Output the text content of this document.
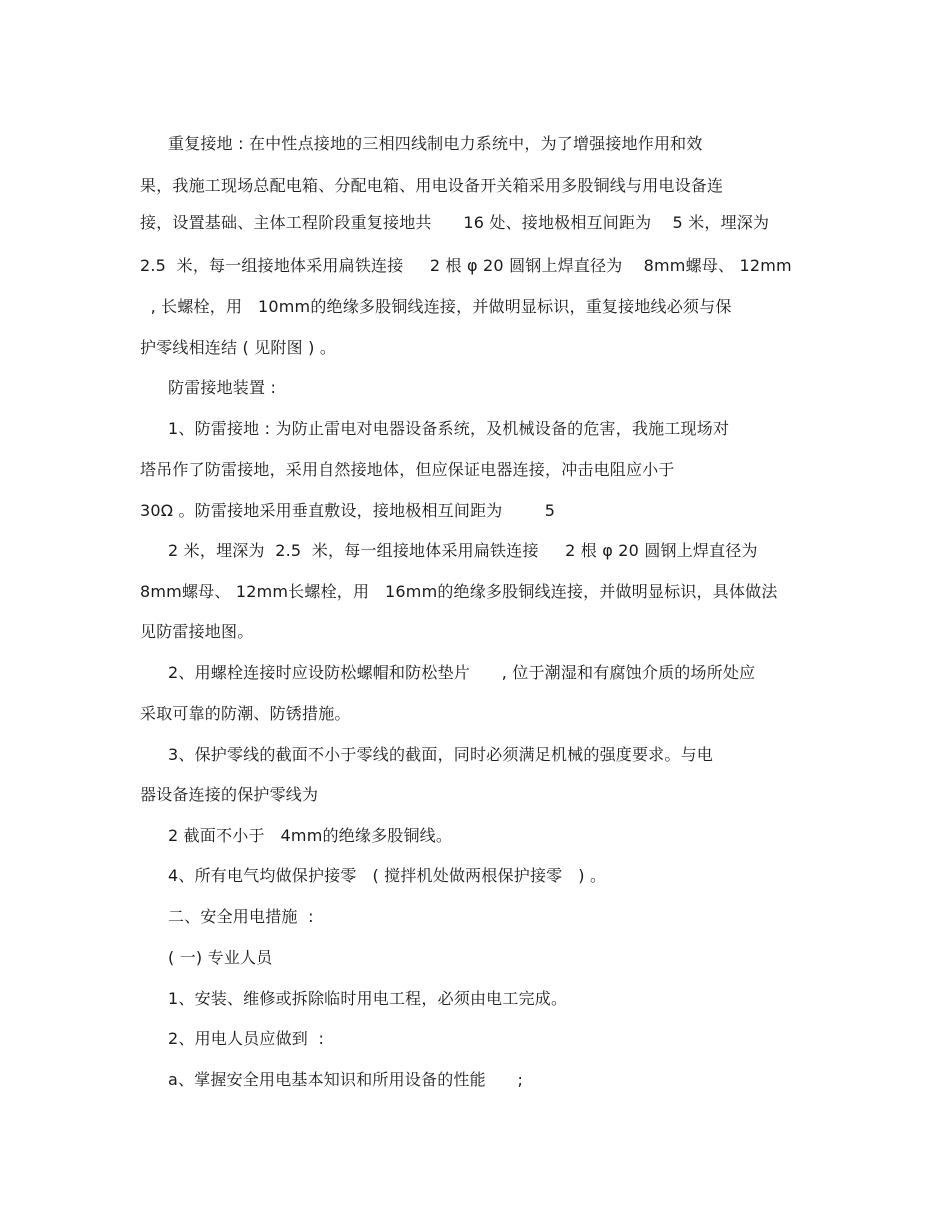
重复接地 : 在中性点接地的三相四线制电力系统中，为了增强接地作用和效
果，我施工现场总配电箱、分配电箱、用电设备开关箱采用多股铜线与用电设备连
接，设置基础、主体工程阶段重复接地共      16 处、接地极相互间距为    5 米，埋深为
2.5  米，每一组接地体采用扁铁连接     2 根 φ 20 圆钢上焊直径为    8mm螺母、 12mm
, 长螺栓，用   10mm的绝缘多股铜线连接，并做明显标识，重复接地线必须与保
护零线相连结 ( 见附图 ) 。
防雷接地装置 :
1、防雷接地 : 为防止雷电对电器设备系统，及机械设备的危害，我施工现场对
塔吊作了防雷接地，采用自然接地体，但应保证电器连接，冲击电阻应小于
30Ω 。防雷接地采用垂直敷设，接地极相互间距为        5
2 米，埋深为  2.5  米，每一组接地体采用扁铁连接     2 根 φ 20 圆钢上焊直径为
8mm螺母、 12mm长螺栓，用   16mm的绝缘多股铜线连接，并做明显标识，具体做法
见防雷接地图。
2、用螺栓连接时应设防松螺帽和防松垫片      , 位于潮湿和有腐蚀介质的场所处应
采取可靠的防潮、防锈措施。
3、保护零线的截面不小于零线的截面，同时必须满足机械的强度要求。与电
器设备连接的保护零线为
2 截面不小于   4mm的绝缘多股铜线。
4、所有电气均做保护接零   ( 搅拌机处做两根保护接零   ) 。
二、安全用电措施  :
( 一) 专业人员
1、安装、维修或拆除临时用电工程，必须由电工完成。
2、用电人员应做到  :
a、掌握安全用电基本知识和所用设备的性能      ;
